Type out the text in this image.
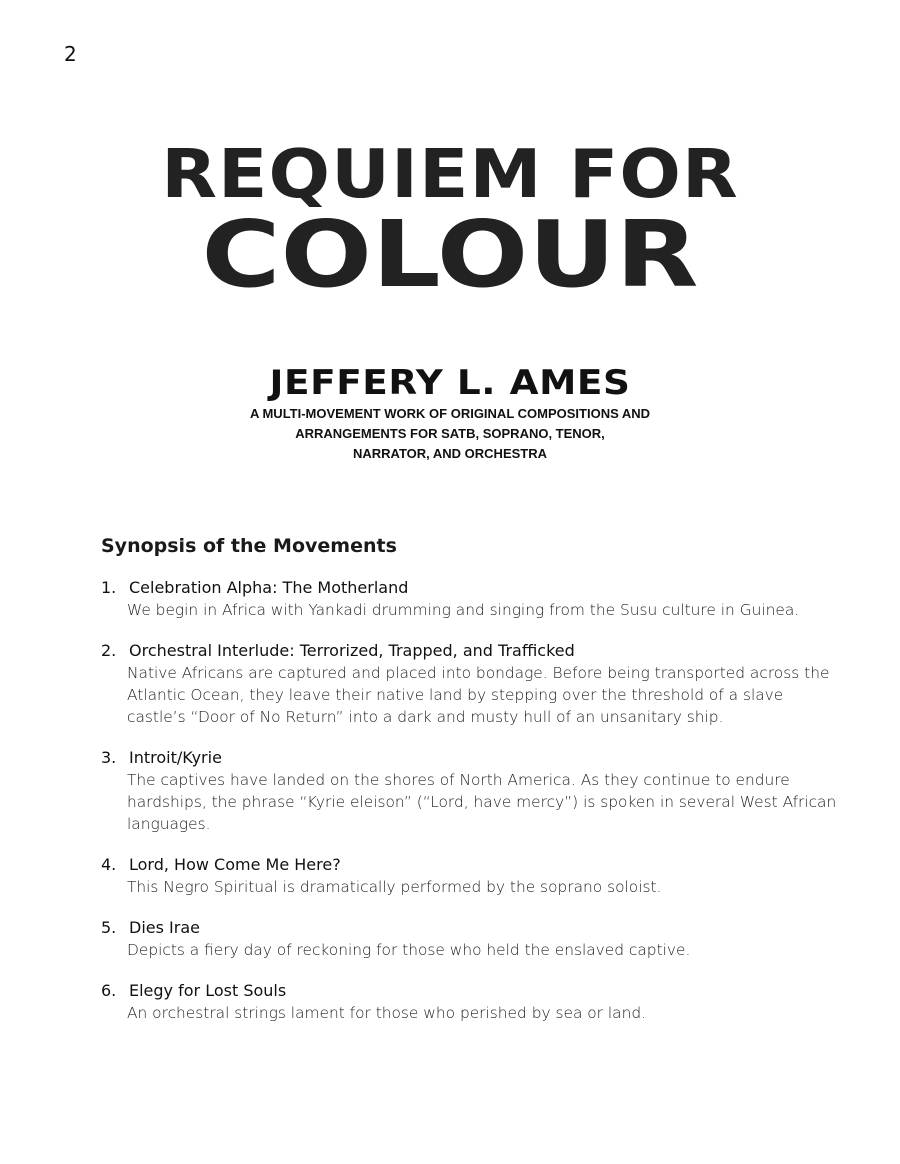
2
REQUIEM FOR
COLOUR
JEFFERY L. AMES
A MULTI-MOVEMENT WORK OF ORIGINAL COMPOSITIONS AND
ARRANGEMENTS FOR SATB, SOPRANO, TENOR,
NARRATOR, AND ORCHESTRA
Synopsis of the Movements
1. Celebration Alpha: The Motherland
We begin in Africa with Yankadi drumming and singing from the Susu culture in Guinea.
2. Orchestral Interlude: Terrorized, Trapped, and Trafficked
Native Africans are captured and placed into bondage. Before being transported across the Atlantic Ocean, they leave their native land by stepping over the threshold of a slave castle’s “Door of No Return” into a dark and musty hull of an unsanitary ship.
3. Introit/Kyrie
The captives have landed on the shores of North America. As they continue to endure hardships, the phrase “Kyrie eleison” (“Lord, have mercy”) is spoken in several West African languages.
4. Lord, How Come Me Here?
This Negro Spiritual is dramatically performed by the soprano soloist.
5. Dies Irae
Depicts a fiery day of reckoning for those who held the enslaved captive.
6. Elegy for Lost Souls
An orchestral strings lament for those who perished by sea or land.
